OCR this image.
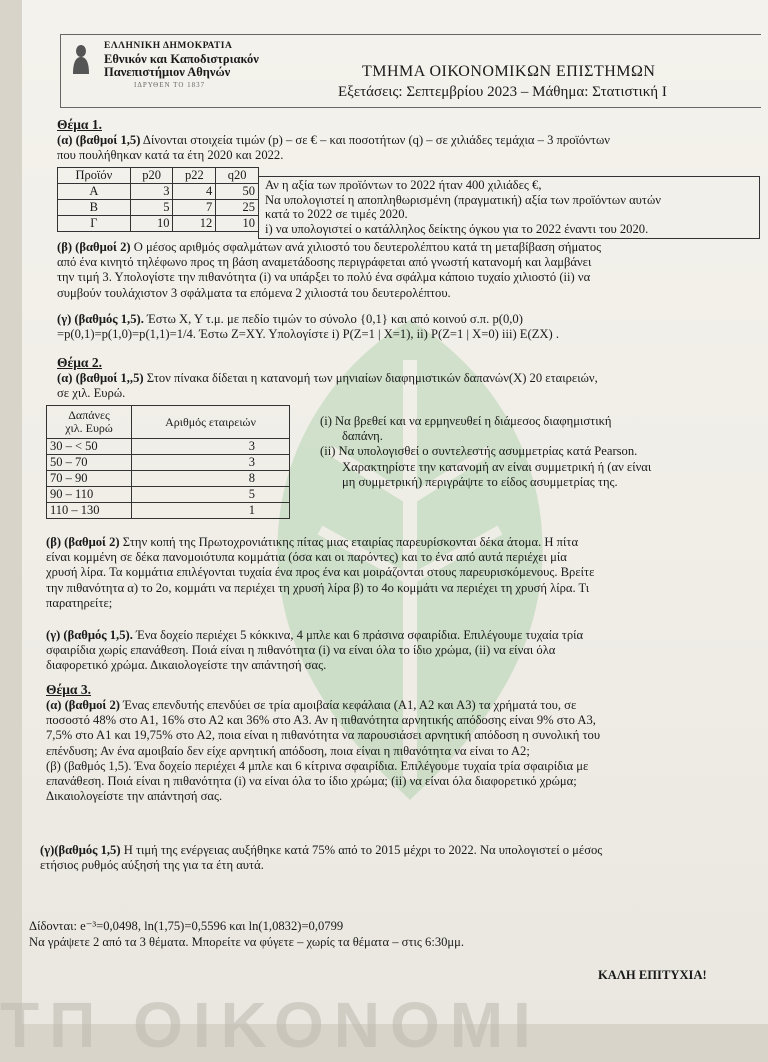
ΕΛΛΗΝΙΚΗ ΔΗΜΟΚΡΑΤΙΑ
Εθνικόν και Καποδιστριακόν
Πανεπιστήμιον Αθηνών
ΙΔΡΥΘΕΝ ΤΟ 1837
ΤΜΗΜΑ ΟΙΚΟΝΟΜΙΚΩΝ ΕΠΙΣΤΗΜΩΝ
Εξετάσεις: Σεπτεμβρίου 2023 – Μάθημα: Στατιστική Ι
Θέμα 1.
(α) (βαθμοί 1,5) Δίνονται στοιχεία τιμών (p) – σε € – και ποσοτήτων (q) – σε χιλιάδες τεμάχια – 3 προϊόντων
που πουλήθηκαν κατά τα έτη 2020 και 2022.
Προϊόν	p20	p22	q20
Α	3	4	50
Β	5	7	25
Γ	10	12	10
Αν η αξία των προϊόντων το 2022 ήταν 400 χιλιάδες €,
Να υπολογιστεί η αποπληθωρισμένη (πραγματική) αξία των προϊόντων αυτών
κατά το 2022 σε τιμές 2020.
i) να υπολογιστεί ο κατάλληλος δείκτης όγκου για το 2022 έναντι του 2020.
(β) (βαθμοί 2) Ο μέσος αριθμός σφαλμάτων ανά χιλιοστό του δευτερολέπτου κατά τη μεταβίβαση σήματος
από ένα κινητό τηλέφωνο προς τη βάση αναμετάδοσης περιγράφεται από γνωστή κατανομή και λαμβάνει
την τιμή 3. Υπολογίστε την πιθανότητα (i) να υπάρξει το πολύ ένα σφάλμα κάποιο τυχαίο χιλιοστό (ii) να
συμβούν τουλάχιστον 3 σφάλματα τα επόμενα 2 χιλιοστά του δευτερολέπτου.
(γ) (βαθμός 1,5). Έστω Χ, Υ τ.μ. με πεδίο τιμών το σύνολο {0,1} και από κοινού σ.π. p(0,0)
=p(0,1)=p(1,0)=p(1,1)=1/4. Έστω Ζ=ΧΥ. Υπολογίστε i) P(Z=1 | X=1), ii) P(Z=1 | X=0) iii) E(ZX) .
Θέμα 2.
(α) (βαθμοί 1,,5) Στον πίνακα δίδεται η κατανομή των μηνιαίων διαφημιστικών δαπανών(Χ) 20 εταιρειών,
σε χιλ. Ευρώ.
Δαπάνες
χιλ. Ευρώ	Αριθμός εταιρειών
30 – < 50	3
50 – 70	3
70 – 90	8
90 – 110	5
110 – 130	1
(i) Να βρεθεί και να ερμηνευθεί η διάμεσος διαφημιστική
δαπάνη.
(ii) Να υπολογισθεί ο συντελεστής ασυμμετρίας κατά Pearson.
Χαρακτηρίστε την κατανομή αν είναι συμμετρική ή (αν είναι
μη συμμετρική) περιγράψτε το είδος ασυμμετρίας της.
(β) (βαθμοί 2) Στην κοπή της Πρωτοχρονιάτικης πίτας μιας εταιρίας παρευρίσκονται δέκα άτομα. Η πίτα
είναι κομμένη σε δέκα πανομοιότυπα κομμάτια (όσα και οι παρόντες) και το ένα από αυτά περιέχει μία
χρυσή λίρα. Τα κομμάτια επιλέγονται τυχαία ένα προς ένα και μοιράζονται στους παρευρισκόμενους. Βρείτε
την πιθανότητα α) το 2ο, κομμάτι να περιέχει τη χρυσή λίρα β) το 4ο κομμάτι να περιέχει τη χρυσή λίρα. Τι
παρατηρείτε;
(γ) (βαθμός 1,5). Ένα δοχείο περιέχει 5 κόκκινα, 4 μπλε και 6 πράσινα σφαιρίδια. Επιλέγουμε τυχαία τρία
σφαιρίδια χωρίς επανάθεση. Ποιά είναι η πιθανότητα (i) να είναι όλα το ίδιο χρώμα, (ii) να είναι όλα
διαφορετικό χρώμα. Δικαιολογείστε την απάντησή σας.
Θέμα 3.
(α) (βαθμοί 2) Ένας επενδυτής επενδύει σε τρία αμοιβαία κεφάλαια (Α1, Α2 και Α3) τα χρήματά του, σε
ποσοστό 48% στο Α1, 16% στο Α2 και 36% στο Α3. Αν η πιθανότητα αρνητικής απόδοσης είναι 9% στο Α3,
7,5% στο Α1 και 19,75% στο Α2, ποια είναι η πιθανότητα να παρουσιάσει αρνητική απόδοση η συνολική του
επένδυση; Αν ένα αμοιβαίο δεν είχε αρνητική απόδοση, ποια είναι η πιθανότητα να είναι το Α2;
(β) (βαθμός 1,5). Ένα δοχείο περιέχει 4 μπλε και 6 κίτρινα σφαιρίδια. Επιλέγουμε τυχαία τρία σφαιρίδια με
επανάθεση. Ποιά είναι η πιθανότητα (i) να είναι όλα το ίδιο χρώμα; (ii) να είναι όλα διαφορετικό χρώμα;
Δικαιολογείστε την απάντησή σας.
(γ)(βαθμός 1,5) Η τιμή της ενέργειας αυξήθηκε κατά 75% από το 2015 μέχρι το 2022. Να υπολογιστεί ο μέσος
ετήσιος ρυθμός αύξησή της για τα έτη αυτά.
Δίδονται: e⁻³=0,0498, ln(1,75)=0,5596 και ln(1,0832)=0,0799
Να γράψετε 2 από τα 3 θέματα. Μπορείτε να φύγετε – χωρίς τα θέματα – στις 6:30μμ.
ΚΑΛΗ ΕΠΙΤΥΧΙΑ!
ΤΠ ΟΙΚΟΝΟΜΙ
